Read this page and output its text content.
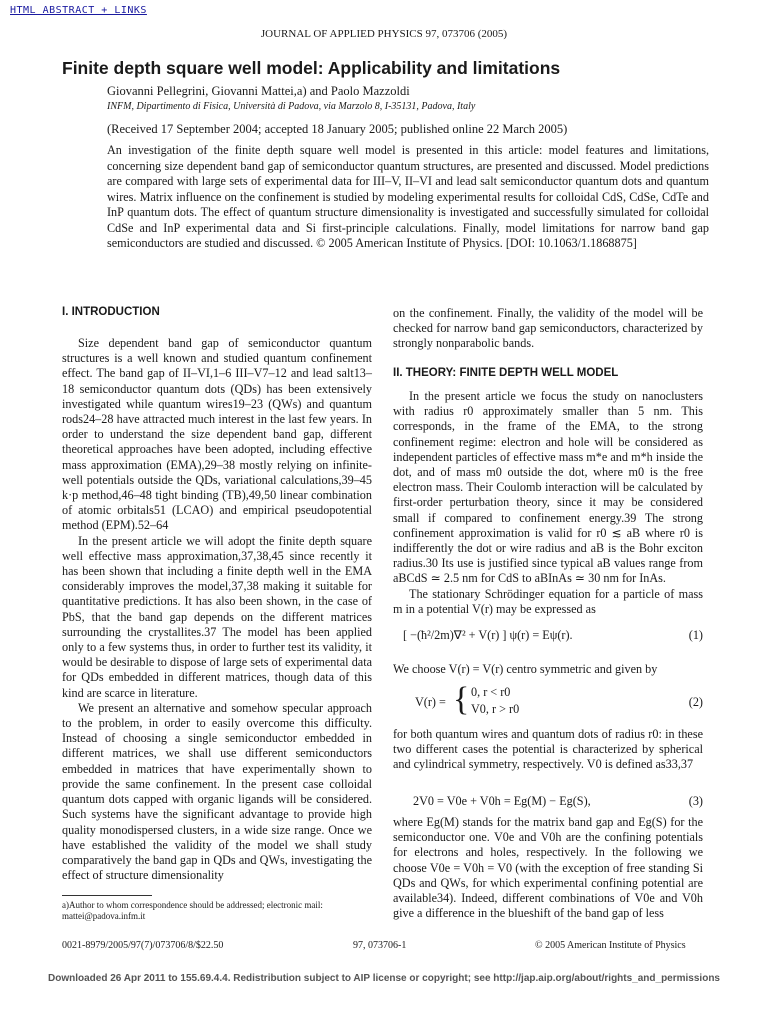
HTML ABSTRACT + LINKS
JOURNAL OF APPLIED PHYSICS 97, 073706 (2005)
Finite depth square well model: Applicability and limitations
Giovanni Pellegrini, Giovanni Mattei,a) and Paolo Mazzoldi
INFM, Dipartimento di Fisica, Università di Padova, via Marzolo 8, I-35131, Padova, Italy
(Received 17 September 2004; accepted 18 January 2005; published online 22 March 2005)
An investigation of the finite depth square well model is presented in this article: model features and limitations, concerning size dependent band gap of semiconductor quantum structures, are presented and discussed. Model predictions are compared with large sets of experimental data for III–V, II–VI and lead salt semiconductor quantum dots and quantum wires. Matrix influence on the confinement is studied by modeling experimental results for colloidal CdS, CdSe, CdTe and InP quantum dots. The effect of quantum structure dimensionality is investigated and successfully simulated for colloidal CdSe and InP experimental data and Si first-principle calculations. Finally, model limitations for narrow band gap semiconductors are studied and discussed. © 2005 American Institute of Physics. [DOI: 10.1063/1.1868875]
I. INTRODUCTION

Size dependent band gap of semiconductor quantum structures is a well known and studied quantum confinement effect. The band gap of II–VI,1–6 III–V7–12 and lead salt13–18 semiconductor quantum dots (QDs) has been extensively investigated while quantum wires19–23 (QWs) and quantum rods24–28 have attracted much interest in the last few years. In order to understand the size dependent band gap, different theoretical approaches have been adopted, including effective mass approximation (EMA),29–38 mostly relying on infinite-well potentials outside the QDs, variational calculations,39–45 k·p method,46–48 tight binding (TB),49,50 linear combination of atomic orbitals51 (LCAO) and empirical pseudopotential method (EPM).52–64

In the present article we will adopt the finite depth square well effective mass approximation,37,38,45 since recently it has been shown that including a finite depth well in the EMA considerably improves the model,37,38 making it suitable for quantitative predictions. It has also been shown, in the case of PbS, that the band gap depends on the different matrices surrounding the crystallites.37 The model has been applied only to a few systems thus, in order to further test its validity, it would be desirable to dispose of large sets of experimental data for QDs embedded in different matrices, though data of this kind are scarce in literature.

We present an alternative and somehow specular approach to the problem, in order to easily overcome this difficulty. Instead of choosing a single semiconductor embedded in different matrices, we shall use different semiconductors embedded in matrices that have experimentally shown to provide the same confinement. In the present case colloidal quantum dots capped with organic ligands will be considered. Such systems have the significant advantage to provide high quality monodispersed clusters, in a wide size range. Once we have established the validity of the model we shall study comparatively the band gap in QDs and QWs, investigating the effect of structure dimensionality

on the confinement. Finally, the validity of the model will be checked for narrow band gap semiconductors, characterized by strongly nonparabolic bands.

II. THEORY: FINITE DEPTH WELL MODEL

In the present article we focus the study on nanoclusters with radius r0 approximately smaller than 5 nm. This corresponds, in the frame of the EMA, to the strong confinement regime: electron and hole will be considered as independent particles of effective mass m*e and m*h inside the dot, and of mass m0 outside the dot, where m0 is the free electron mass. Their Coulomb interaction will be calculated by first-order perturbation theory, since it may be considered small if compared to confinement energy.39 The strong confinement approximation is valid for r0 ≲ aB where r0 is indifferently the dot or wire radius and aB is the Bohr exciton radius.30 Its use is justified since typical aB values range from aBCdS ≃ 2.5 nm for CdS to aBInAs ≃ 30 nm for InAs.

The stationary Schrödinger equation for a particle of mass m in a potential V(r) may be expressed as

[ −(ħ²/2m)∇² + V(r) ] ψ(r) = Eψ(r).	(1)

We choose V(r) = V(r) centro symmetric and given by

V(r) = { 0, r < r0
V0, r > r0	(2)

for both quantum wires and quantum dots of radius r0: in these two different cases the potential is characterized by spherical and cylindrical symmetry, respectively. V0 is defined as33,37

2V0 = V0e + V0h = Eg(M) − Eg(S),	(3)

where Eg(M) stands for the matrix band gap and Eg(S) for the semiconductor one. V0e and V0h are the confining potentials for electrons and holes, respectively. In the following we choose V0e = V0h = V0 (with the exception of free standing Si QDs and QWs, for which experimental confining potential are available34). Indeed, different combinations of V0e and V0h give a difference in the blueshift of the band gap of less

a)Author to whom correspondence should be addressed; electronic mail: mattei@padova.infm.it
0021-8979/2005/97(7)/073706/8/$22.50	97, 073706-1	© 2005 American Institute of Physics
Downloaded 26 Apr 2011 to 155.69.4.4. Redistribution subject to AIP license or copyright; see http://jap.aip.org/about/rights_and_permissions
